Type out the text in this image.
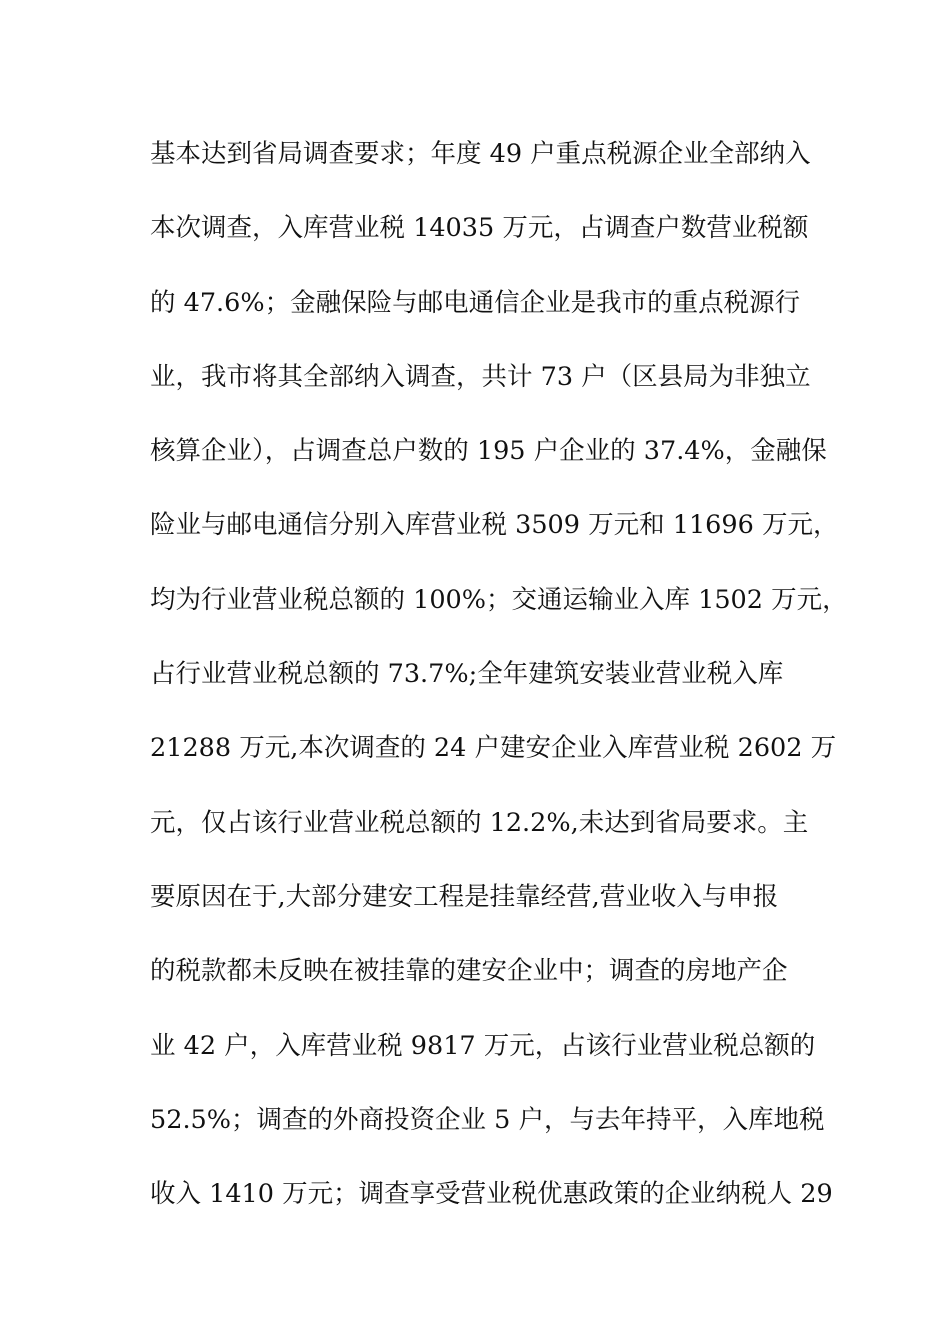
基本达到省局调查要求；年度 49 户重点税源企业全部纳入
本次调查，入库营业税 14035 万元，占调查户数营业税额
的 47.6%；金融保险与邮电通信企业是我市的重点税源行
业，我市将其全部纳入调查，共计 73 户（区县局为非独立
核算企业），占调查总户数的 195 户企业的 37.4%，金融保
险业与邮电通信分别入库营业税 3509 万元和 11696 万元，
均为行业营业税总额的 100%；交通运输业入库 1502 万元，
占行业营业税总额的 73.7%;全年建筑安装业营业税入库
21288 万元,本次调查的 24 户建安企业入库营业税 2602 万
元，仅占该行业营业税总额的 12.2%,未达到省局要求。主
要原因在于,大部分建安工程是挂靠经营,营业收入与申报
的税款都未反映在被挂靠的建安企业中；调查的房地产企
业 42 户，入库营业税 9817 万元，占该行业营业税总额的
52.5%；调查的外商投资企业 5 户，与去年持平，入库地税
收入 1410 万元；调查享受营业税优惠政策的企业纳税人 29
